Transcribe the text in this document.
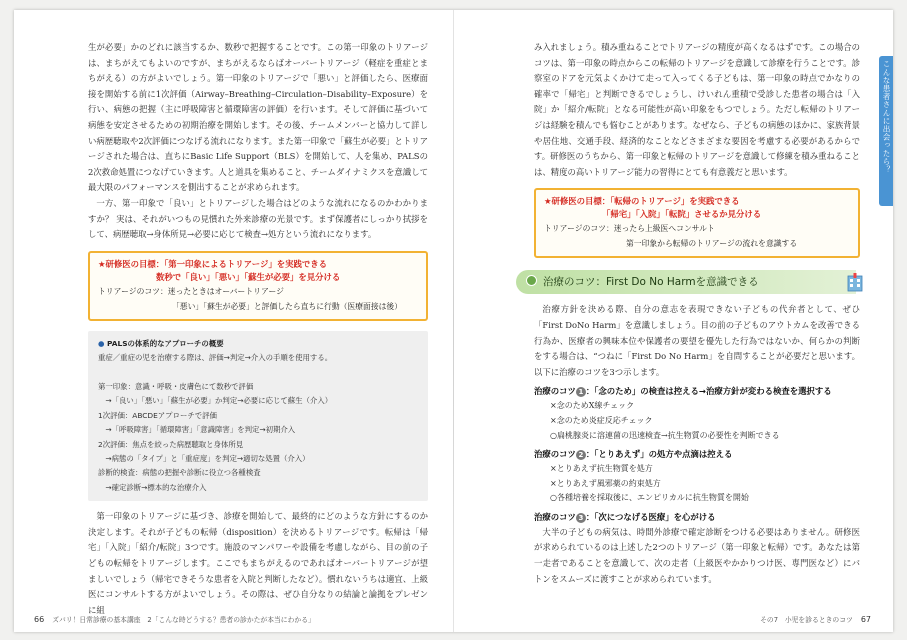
生が必要」かのどれに該当するか、数秒で把握することです。この第一印象のトリアージは、まちがえてもよいのですが、まちがえるならばオーバートリアージ（軽症を重症とまちがえる）の方がよいでしょう。第一印象のトリアージで「悪い」と評価したら、医療面接を開始する前に1次評価（Airway–Breathing–Circulation–Disability–Exposure）を行い、病態の把握（主に呼吸障害と循環障害の評価）を行います。そして評価に基づいて病態を安定させるための初期治療を開始します。その後、チームメンバーと協力して詳しい病歴聴取や2次評価につなげる流れになります。また第一印象で「蘇生が必要」とトリアージされた場合は、直ちにBasic Life Support（BLS）を開始して、人を集め、PALSの2次救命処置につなげていきます。人と道具を集めること、チームダイナミクスを意識して最大限のパフォーマンスを側出することが求められます。

一方、第一印象で「良い」とトリアージした場合はどのような流れになるのかわかりますか？ 実は、それがいつもの見慣れた外来診療の光景です。まず保護者にしっかり拭拶をして、病歴聴取→身体所見→必要に応じて検査→処方という流れになります。

★研修医の目標：「第一印象によるトリアージ」を実践できる
数秒で「良い」「悪い」「蘇生が必要」を見分ける
トリアージのコツ：迷ったときはオーバートリアージ
「悪い」「蘇生が必要」と評価したら直ちに行動（医療面接は後）
● PALSの体系的なアプローチの概要
重症／重症の児を治療する際は、評価→判定→介入の手順を使用する。
第一印象：意識・呼吸・皮膚色にて数秒で評価
　→「良い」「悪い」「蘇生が必要」か判定→必要に応じて蘇生（介入）
1次評価：ABCDEアプローチで評価
　→「呼吸障害」「循環障害」「意識障害」を判定→初期介入
2次評価：焦点を絞った病歴聴取と身体所見
　→病態の「タイプ」と「重症度」を判定→適切な処置（介入）
診断的検査：病態の把握や診断に役立つ各種検査
　→確定診断→標本的な治療介入

第一印象のトリアージに基づき、診療を開始して、最終的にどのような方針にするのか決定します。それが子どもの転帰（disposition）を決めるトリアージです。転帰は「帰宅」「入院」「紹介/転院」3つです。施設のマンパワーや設備を考慮しながら、目の前の子どもの転帰をトリアージします。ここでもまちがえるのであればオーバートリアージが望ましいでしょう（帰宅できそうな患者を入院と判断したなど）。慣れないうちは適宜、上級医にコンサルトする方がよいでしょう。その際は、ぜひ自分なりの結論と論拠をプレゼンに組

み入れましょう。積み重ねることでトリアージの精度が高くなるはずです。この場合のコツは、第一印象の時点からこの転帰のトリアージを意識して診療を行うことです。診察室のドアを元気よくかけて走って入ってくる子どもは、第一印象の時点でかなりの確率で「帰宅」と判断できるでしょうし、けいれん重積で受診した患者の場合は「入院」か「紹介/転院」となる可能性が高い印象をもつでしょう。ただし転帰のトリアージは経験を積んでも悩むことがあります。なぜなら、子どもの病態のほかに、家族背景や居住地、交通手段、経済的なことなどさまざまな要因を考慮する必要があるからです。研修医のうちから、第一印象と転帰のトリアージを意識して修練を積み重ねることは、精度の高いトリアージ能力の習得にとても有意義だと思います。

★研修医の目標：「転帰のトリアージ」を実践できる
「帰宅」「入院」「転院」させるか見分ける
トリアージのコツ：迷ったら上級医へコンサルト
第一印象から転帰のトリアージの流れを意識する
治療のコツ：First Do No Harmを意識できる

治療方針を決める際、自分の意志を表現できない子どもの代弁者として、ぜひ「First DoNo Harm」を意識しましょう。目の前の子どものアウトカムを改善できる行為か、医療者の興味本位や保護者の要望を優先した行為ではないか、何らかの判断をする場合は、“つねに「First Do No Harm」を自問することが必要だと思います。以下に治療のコツを3つ示します。

治療のコツ 1 ：「念のため」の検査は控える→治療方針が変わる検査を選択する
×念のためX線チェック
×念のため炎症反応チェック
○扁桃腺炎に溶連菌の迅速検査→抗生物質の必要性を判断できる
治療のコツ 2 ：「とりあえず」の処方や点滴は控える
×とりあえず抗生物質を処方
×とりあえず風邪薬の約束処方
○各種培養を採取後に、エンピリカルに抗生物質を開始
治療のコツ 3 ：「次につなげる医療」を心がける

大半の子どもの病気は、時間外診療で確定診断をつける必要はありません。研修医が求められているのは上述した2つのトリアージ（第一印象と転帰）です。あなたは第一走者であることを意識して、次の走者（上級医やかかりつけ医、専門医など）にバトンをスムーズに渡すことが求められています。

こんな患者さんに出会ったら？
66 ズバリ！日常診療の基本講座　2「こんな時どうする？患者の診かたが本当にわかる」	その7　小児を診るときのコツ 67
